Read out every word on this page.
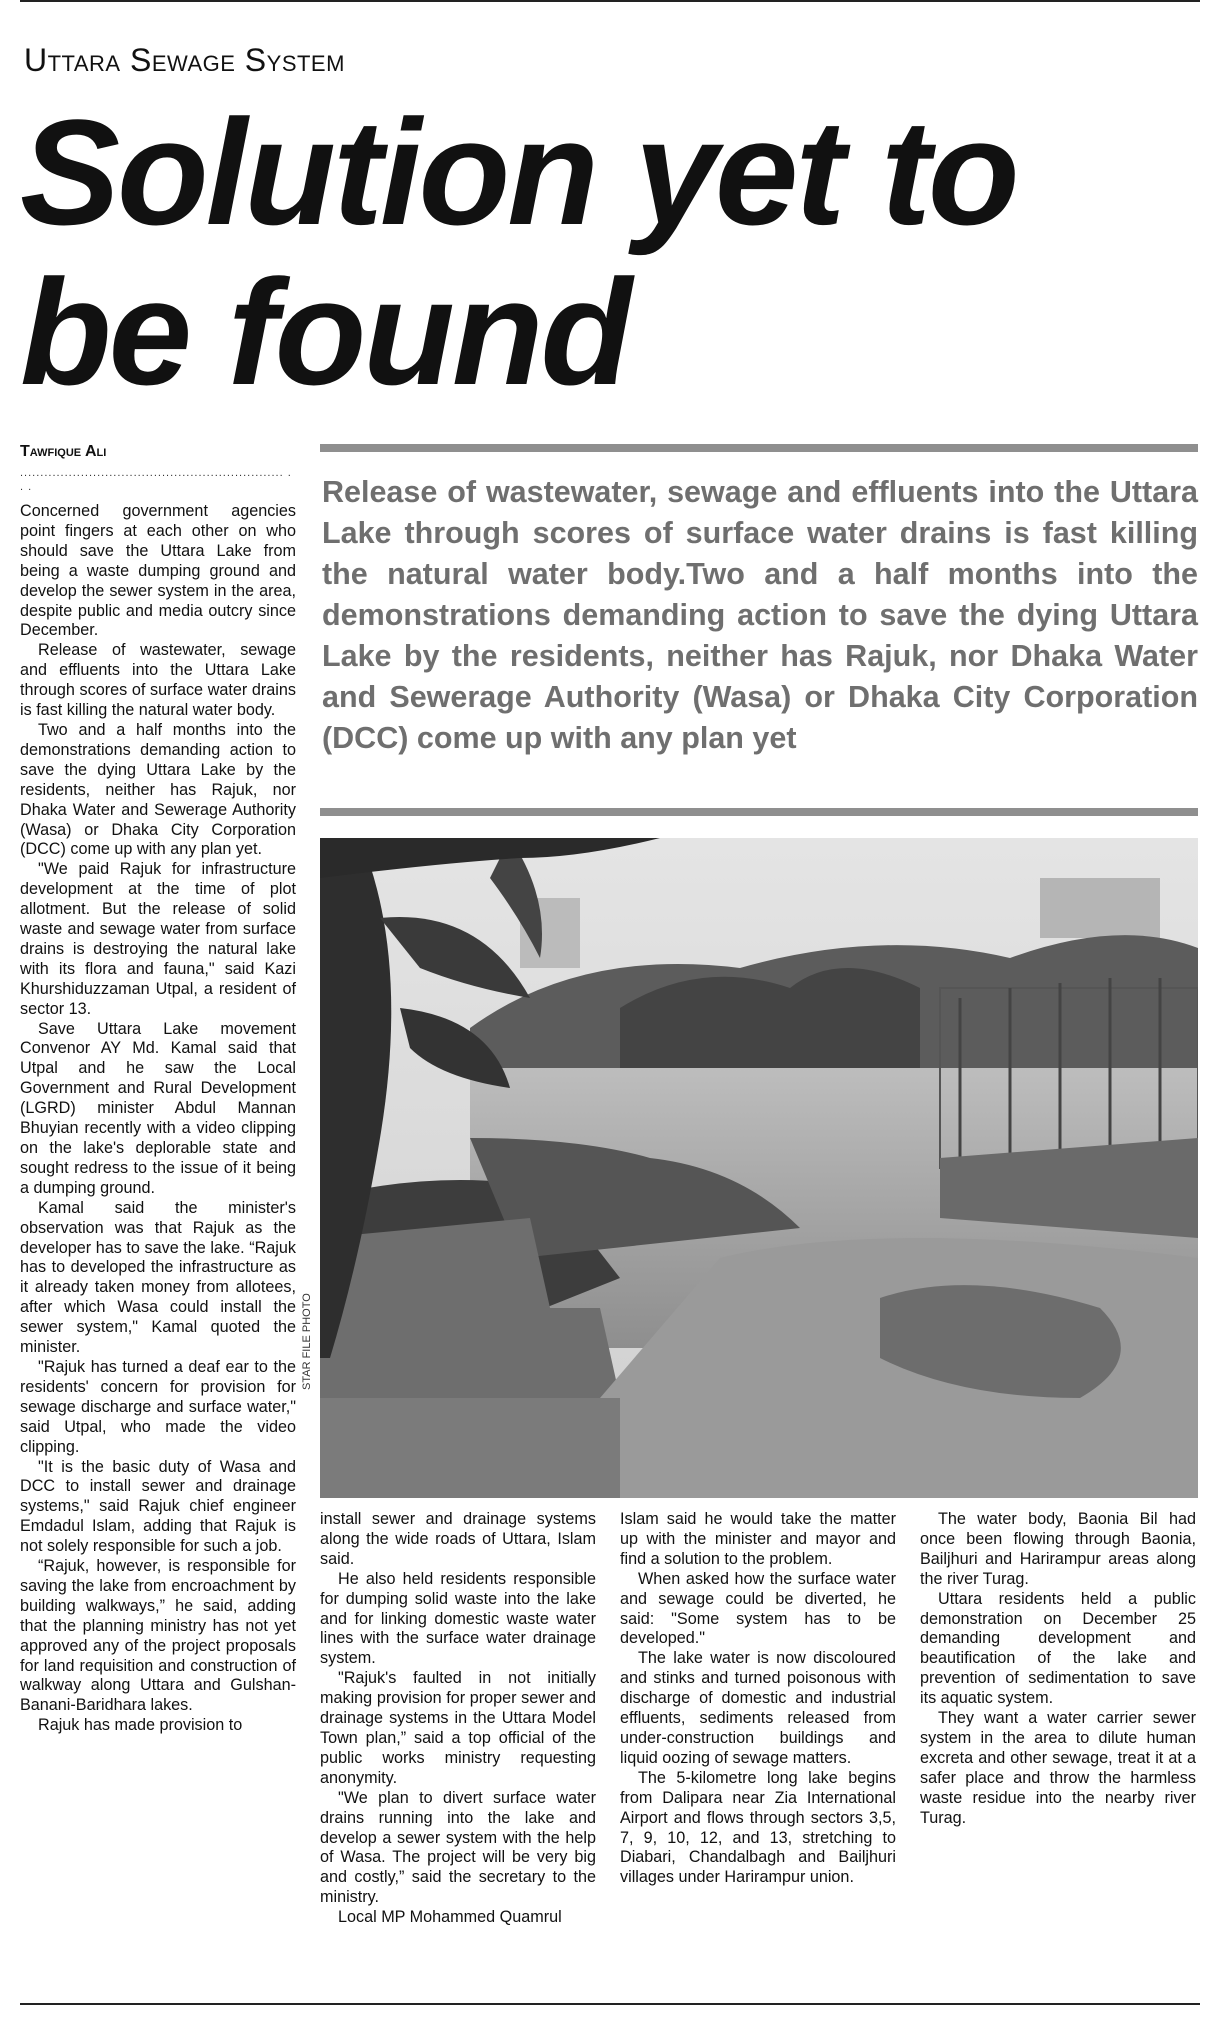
Uttara Sewage System
Solution yet to be found
Tawfique Ali
................................................................. . . .	Release of wastewater, sewage and effluents into the Uttara Lake through scores of surface water drains is fast killing the natural water body.Two and a half months into the demonstrations demanding action to save the dying Uttara Lake by the residents, neither has Rajuk, nor Dhaka Water and Sewerage Authority (Wasa) or Dhaka City Corporation (DCC) come up with any plan yet
STAR FILE PHOTO

Concerned government agencies point fingers at each other on who should save the Uttara Lake from being a waste dumping ground and develop the sewer system in the area, despite public and media outcry since December.

Release of wastewater, sewage and effluents into the Uttara Lake through scores of surface water drains is fast killing the natural water body.

Two and a half months into the demonstrations demanding action to save the dying Uttara Lake by the residents, neither has Rajuk, nor Dhaka Water and Sewerage Authority (Wasa) or Dhaka City Corporation (DCC) come up with any plan yet.

"We paid Rajuk for infrastructure development at the time of plot allotment. But the release of solid waste and sewage water from surface drains is destroying the natural lake with its flora and fauna," said Kazi Khurshiduzzaman Utpal, a resident of sector 13.

Save Uttara Lake movement Convenor AY Md. Kamal said that Utpal and he saw the Local Government and Rural Development (LGRD) minister Abdul Mannan Bhuyian recently with a video clipping on the lake's deplorable state and sought redress to the issue of it being a dumping ground.

Kamal said the minister's observation was that Rajuk as the developer has to save the lake. “Rajuk has to developed the infrastructure as it already taken money from allotees, after which Wasa could install the sewer system," Kamal quoted the minister.

"Rajuk has turned a deaf ear to the residents' concern for provision for sewage discharge and surface water," said Utpal, who made the video clipping.

"It is the basic duty of Wasa and DCC to install sewer and drainage systems," said Rajuk chief engineer Emdadul Islam, adding that Rajuk is not solely responsible for such a job.

“Rajuk, however, is responsible for saving the lake from encroachment by building walkways,” he said, adding that the planning ministry has not yet approved any of the project proposals for land requisition and construction of walkway along Uttara and Gulshan-Banani-Baridhara lakes.

Rajuk has made provision to

install sewer and drainage systems along the wide roads of Uttara, Islam said.

He also held residents responsible for dumping solid waste into the lake and for linking domestic waste water lines with the surface water drainage system.

"Rajuk's faulted in not initially making provision for proper sewer and drainage systems in the Uttara Model Town plan,” said a top official of the public works ministry requesting anonymity.

"We plan to divert surface water drains running into the lake and develop a sewer system with the help of Wasa. The project will be very big and costly,” said the secretary to the ministry.

Local MP Mohammed Quamrul

Islam said he would take the matter up with the minister and mayor and find a solution to the problem.

When asked how the surface water and sewage could be diverted, he said: "Some system has to be developed."

The lake water is now discoloured and stinks and turned poisonous with discharge of domestic and industrial effluents, sediments released from under-construction buildings and liquid oozing of sewage matters.

The 5-kilometre long lake begins from Dalipara near Zia International Airport and flows through sectors 3,5, 7, 9, 10, 12, and 13, stretching to Diabari, Chandalbagh and Bailjhuri villages under Harirampur union.

The water body, Baonia Bil had once been flowing through Baonia, Bailjhuri and Harirampur areas along the river Turag.

Uttara residents held a public demonstration on December 25 demanding development and beautification of the lake and prevention of sedimentation to save its aquatic system.

They want a water carrier sewer system in the area to dilute human excreta and other sewage, treat it at a safer place and throw the harmless waste residue into the nearby river Turag.
